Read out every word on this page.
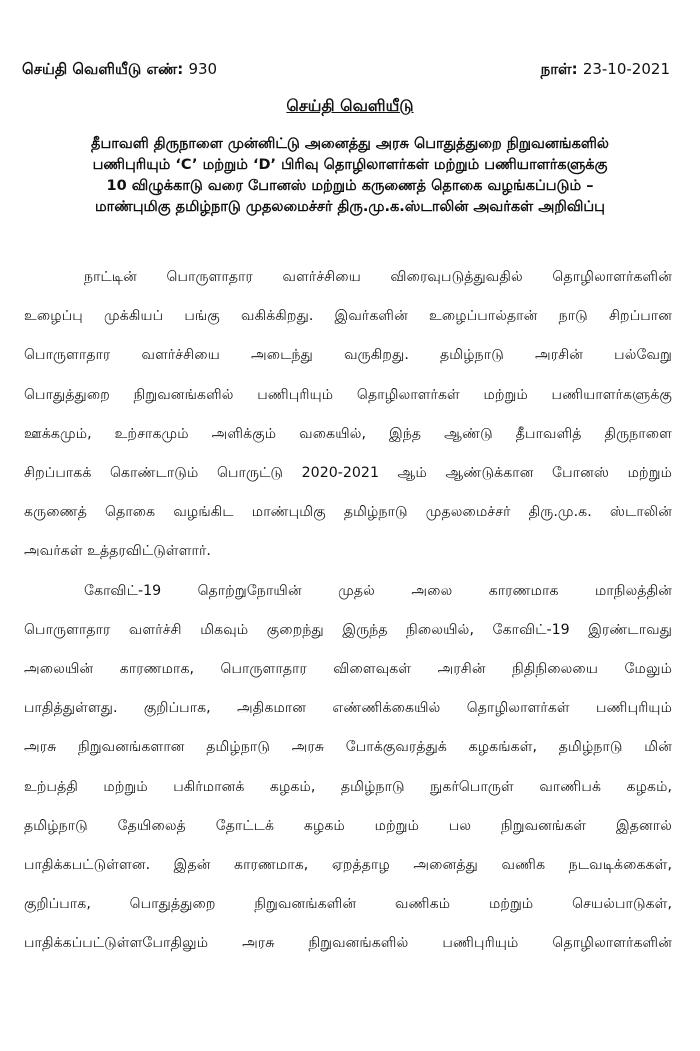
செய்தி வெளியீடு எண்: 930	நாள்: 23-10-2021
செய்தி வெளியீடு
தீபாவளி திருநாளை முன்னிட்டு அனைத்து அரசு பொதுத்துறை நிறுவனங்களில்
பணிபுரியும் ‘C’ மற்றும் ‘D’ பிரிவு தொழிலாளர்கள் மற்றும் பணியாளர்களுக்கு
10 விழுக்காடு வரை போனஸ் மற்றும் கருணைத் தொகை வழங்கப்படும் –
மாண்புமிகு தமிழ்நாடு முதலமைச்சர் திரு.மு.க.ஸ்டாலின் அவர்கள் அறிவிப்பு

நாட்டின் பொருளாதார வளர்ச்சியை விரைவுபடுத்துவதில் தொழிலாளர்களின்
உழைப்பு முக்கியப் பங்கு வகிக்கிறது. இவர்களின் உழைப்பால்தான் நாடு சிறப்பான
பொருளாதார வளர்ச்சியை அடைந்து வருகிறது. தமிழ்நாடு அரசின் பல்வேறு
பொதுத்துறை நிறுவனங்களில் பணிபுரியும் தொழிலாளர்கள் மற்றும் பணியாளர்களுக்கு
ஊக்கமும், உற்சாகமும் அளிக்கும் வகையில், இந்த ஆண்டு தீபாவளித் திருநாளை
சிறப்பாகக் கொண்டாடும் பொருட்டு 2020-2021 ஆம் ஆண்டுக்கான போனஸ் மற்றும்
கருணைத் தொகை வழங்கிட மாண்புமிகு தமிழ்நாடு முதலமைச்சர் திரு.மு.க. ஸ்டாலின்
அவர்கள் உத்தரவிட்டுள்ளார்.

கோவிட்-19 தொற்றுநோயின் முதல் அலை காரணமாக மாநிலத்தின்
பொருளாதார வளர்ச்சி மிகவும் குறைந்து இருந்த நிலையில், கோவிட்-19 இரண்டாவது
அலையின் காரணமாக, பொருளாதார விளைவுகள் அரசின் நிதிநிலையை மேலும்
பாதித்துள்ளது. குறிப்பாக, அதிகமான எண்ணிக்கையில் தொழிலாளர்கள் பணிபுரியும்
அரசு நிறுவனங்களான தமிழ்நாடு அரசு போக்குவரத்துக் கழகங்கள், தமிழ்நாடு மின்
உற்பத்தி மற்றும் பகிர்மானக் கழகம், தமிழ்நாடு நுகர்பொருள் வாணிபக் கழகம்,
தமிழ்நாடு தேயிலைத் தோட்டக் கழகம் மற்றும் பல நிறுவனங்கள் இதனால்
பாதிக்கபட்டுள்ளன. இதன் காரணமாக, ஏறத்தாழ அனைத்து வணிக நடவடிக்கைகள்,
குறிப்பாக, பொதுத்துறை நிறுவனங்களின் வணிகம் மற்றும் செயல்பாடுகள்,
பாதிக்கப்பட்டுள்ளபோதிலும் அரசு நிறுவனங்களில் பணிபுரியும் தொழிலாளர்களின்
